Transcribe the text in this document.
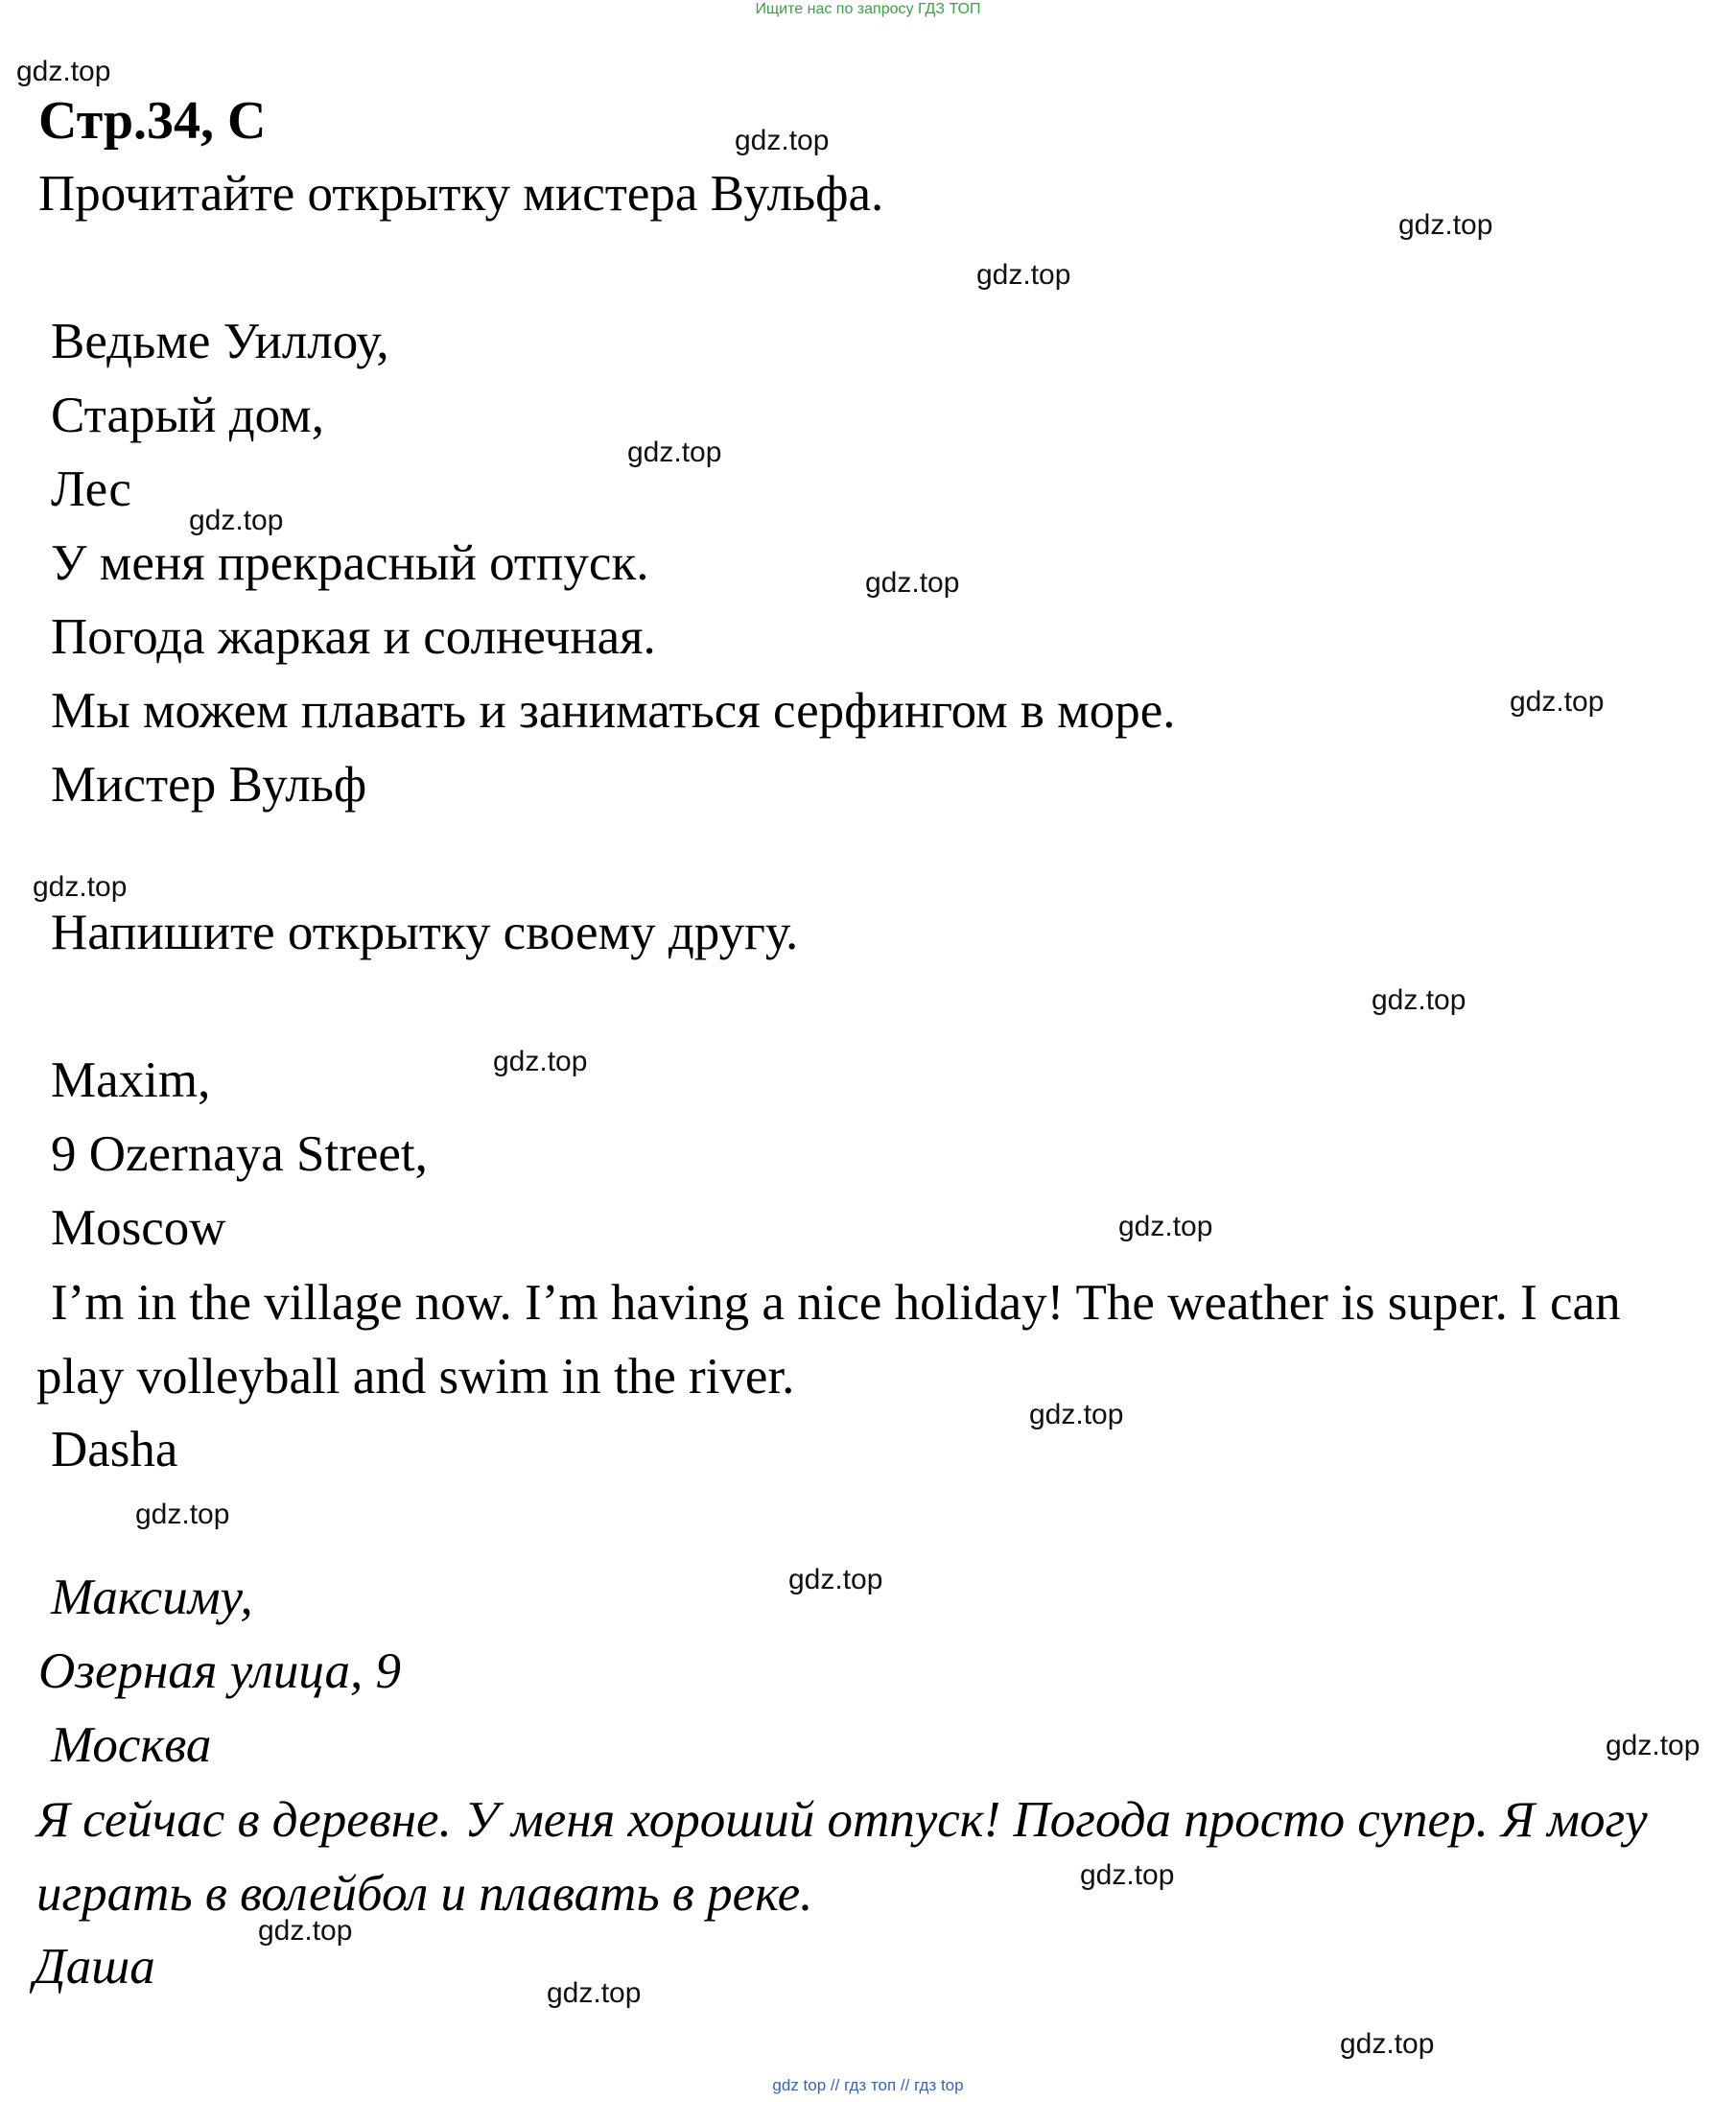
Ищите нас по запросу ГДЗ ТОП
Стр.34, С
Прочитайте открытку мистера Вульфа.
Ведьме Уиллоу,
Старый дом,
Лес
У меня прекрасный отпуск.
Погода жаркая и солнечная.
Мы можем плавать и заниматься серфингом в море.
Мистер Вульф
Напишите открытку своему другу.
Maxim,
9 Ozernaya Street,
Moscow
I’m in the village now. I’m having a nice holiday! The weather is super. I can play volleyball and swim in the river.
Dasha
Максиму,
Озерная улица, 9
Москва
Я сейчас в деревне. У меня хороший отпуск! Погода просто супер. Я могу играть в волейбол и плавать в реке.
Даша
gdz.top
gdz.top
gdz.top
gdz.top
gdz.top
gdz.top
gdz.top
gdz.top
gdz.top
gdz.top
gdz.top
gdz.top
gdz.top
gdz.top
gdz.top
gdz.top
gdz.top
gdz.top
gdz.top
gdz.top
gdz top // гдз топ // гдз top
